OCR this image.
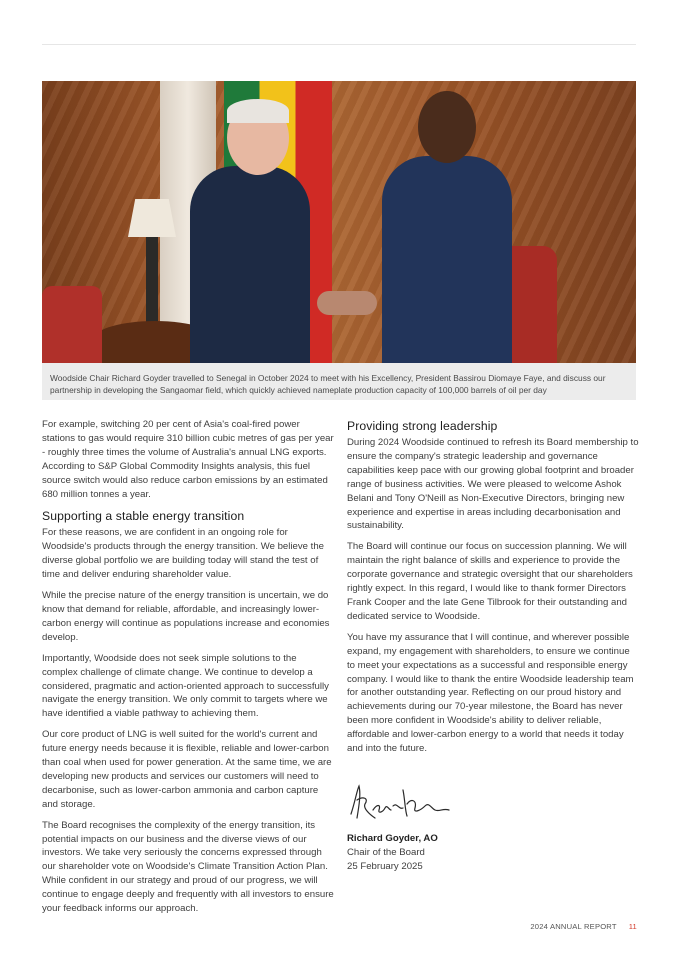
Woodside Chair Richard Goyder travelled to Senegal in October 2024 to meet with his Excellency, President Bassirou Diomaye Faye, and discuss our partnership in developing the Sangaomar field, which quickly achieved nameplate production capacity of 100,000 barrels of oil per day

For example, switching 20 per cent of Asia's coal-fired power stations to gas would require 310 billion cubic metres of gas per year - roughly three times the volume of Australia's annual LNG exports. According to S&P Global Commodity Insights analysis, this fuel source switch would also reduce carbon emissions by an estimated 680 million tonnes a year.

Supporting a stable energy transition

For these reasons, we are confident in an ongoing role for Woodside's products through the energy transition. We believe the diverse global portfolio we are building today will stand the test of time and deliver enduring shareholder value.

While the precise nature of the energy transition is uncertain, we do know that demand for reliable, affordable, and increasingly lower-carbon energy will continue as populations increase and economies develop.

Importantly, Woodside does not seek simple solutions to the complex challenge of climate change. We continue to develop a considered, pragmatic and action-oriented approach to successfully navigate the energy transition. We only commit to targets where we have identified a viable pathway to achieving them.

Our core product of LNG is well suited for the world's current and future energy needs because it is flexible, reliable and lower-carbon than coal when used for power generation. At the same time, we are developing new products and services our customers will need to decarbonise, such as lower-carbon ammonia and carbon capture and storage.

The Board recognises the complexity of the energy transition, its potential impacts on our business and the diverse views of our investors. We take very seriously the concerns expressed through our shareholder vote on Woodside's Climate Transition Action Plan. While confident in our strategy and proud of our progress, we will continue to engage deeply and frequently with all investors to ensure your feedback informs our approach.

Providing strong leadership

During 2024 Woodside continued to refresh its Board membership to ensure the company's strategic leadership and governance capabilities keep pace with our growing global footprint and broader range of business activities. We were pleased to welcome Ashok Belani and Tony O'Neill as Non-Executive Directors, bringing new experience and expertise in areas including decarbonisation and sustainability.

The Board will continue our focus on succession planning. We will maintain the right balance of skills and experience to provide the corporate governance and strategic oversight that our shareholders rightly expect. In this regard, I would like to thank former Directors Frank Cooper and the late Gene Tilbrook for their outstanding and dedicated service to Woodside.

You have my assurance that I will continue, and wherever possible expand, my engagement with shareholders, to ensure we continue to meet your expectations as a successful and responsible energy company. I would like to thank the entire Woodside leadership team for another outstanding year. Reflecting on our proud history and achievements during our 70-year milestone, the Board has never been more confident in Woodside's ability to deliver reliable, affordable and lower-carbon energy to a world that needs it today and into the future.

Richard Goyder, AO
Chair of the Board
25 February 2025
2024 ANNUAL REPORT 11
